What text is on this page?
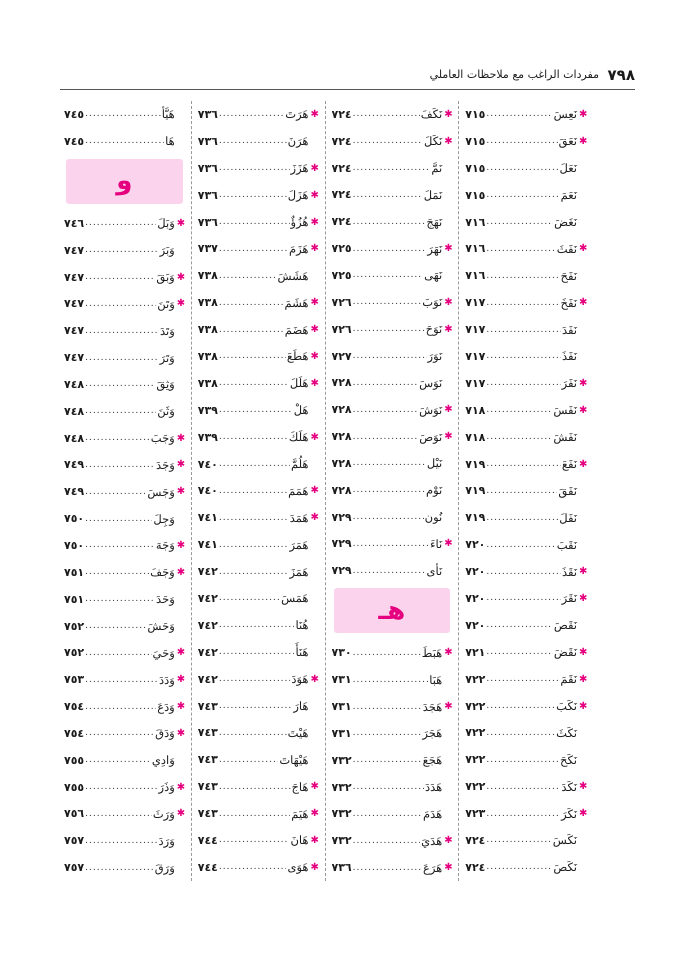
٧٩٨
مفردات الراغب مع ملاحظات العاملي
✱
نَعِسَ
.....
٧١٥
✱
نَعَقَ
.....
٧١٥
نَعَلَ
.....
٧١٥
نَعَمَ
.....
٧١٥
نَغَضَ
.....
٧١٦
✱
نَفَثَ
.....
٧١٦
نَفَحَ
.....
٧١٦
✱
نَفَخَ
.....
٧١٧
نَفَدَ
.....
٧١٧
نَفَذَ
.....
٧١٧
✱
نَفَرَ
.....
٧١٧
✱
نَفَسَ
.....
٧١٨
نَفَشَ
.....
٧١٨
✱
نَفَعَ
.....
٧١٩
نَفَقَ
.....
٧١٩
نَفَلَ
.....
٧١٩
نَقَبَ
.....
٧٢٠
✱
نَقَذَ
.....
٧٢٠
✱
نَقَرَ
.....
٧٢٠
نَقَصَ
.....
٧٢٠
✱
نَقَضَ
.....
٧٢١
✱
نَقَمَ
.....
٧٢٢
✱
نَكَبَ
.....
٧٢٢
نَكَثَ
.....
٧٢٢
نَكَحَ
.....
٧٢٢
✱
نَكَدَ
.....
٧٢٢
✱
نَكَرَ
.....
٧٢٣
نَكَسَ
.....
٧٢٤
نَكَصَ
.....
٧٢٤
✱
نَكَفَ
.....
٧٢٤
✱
نَكَلَ
.....
٧٢٤
نَمَّ
.....
٧٢٤
نَمَلَ
.....
٧٢٤
نَهَجَ
.....
٧٢٤
✱
نَهَرَ
.....
٧٢٥
نَهَى
.....
٧٢٥
✱
نَوَبَ
.....
٧٢٦
✱
نَوَحَ
.....
٧٢٦
نَوَرَ
.....
٧٢٧
نَوَسَ
.....
٧٢٨
✱
نَوَشَ
.....
٧٢٨
✱
نَوَصَ
.....
٧٢٨
نَيْل
.....
٧٢٨
نَوْم
.....
٧٢٨
نُون
.....
٧٢٩
✱
نَاءَ
.....
٧٢٩
نَأى
.....
٧٢٩
هـ
✱
هَبَطَ
.....
٧٣٠
هَبَا
.....
٧٣١
✱
هَجَدَ
.....
٧٣١
هَجَرَ
.....
٧٣١
هَجَعَ
.....
٧٣٢
هَدَدَ
.....
٧٣٢
هَدَمَ
.....
٧٣٢
✱
هَدَيَ
.....
٧٣٢
✱
هَرَعَ
.....
٧٣٦
✱
هَرَتَ
.....
٧٣٦
هَرَنَ
.....
٧٣٦
✱
هَزَزَ
.....
٧٣٦
✱
هَزَلَ
.....
٧٣٦
✱
هُزُؤٌ
.....
٧٣٦
✱
هَزَمَ
.....
٧٣٧
هَشَشَ
.....
٧٣٨
✱
هَشَمَ
.....
٧٣٨
✱
هَضَمَ
.....
٧٣٨
✱
هَطَعَ
.....
٧٣٨
✱
هَلَلَ
.....
٧٣٨
هَلْ
.....
٧٣٩
✱
هَلَكَ
.....
٧٣٩
هَلُمَّ
.....
٧٤٠
✱
هَمَمَ
.....
٧٤٠
✱
هَمَدَ
.....
٧٤١
هَمَرَ
.....
٧٤١
هَمَزَ
.....
٧٤٢
هَمَسَ
.....
٧٤٢
هُنَا
.....
٧٤٢
هَنَأَ
.....
٧٤٢
✱
هَوَدَ
.....
٧٤٢
هَارَ
.....
٧٤٣
هَيْتَ
.....
٧٤٣
هَيْهَاتَ
.....
٧٤٣
✱
هَاجَ
.....
٧٤٣
✱
هَيَمَ
.....
٧٤٣
✱
هَانَ
.....
٧٤٤
✱
هَوَى
.....
٧٤٤
هَيَّأ
.....
٧٤٥
هَا
.....
٧٤٥
و
✱
وَبَلَ
.....
٧٤٦
وَبَرَ
.....
٧٤٧
✱
وَبَقَ
.....
٧٤٧
✱
وَتَنَ
.....
٧٤٧
وَتَدَ
.....
٧٤٧
وَتَرَ
.....
٧٤٧
وَثِقَ
.....
٧٤٨
وَثَنَ
.....
٧٤٨
✱
وَجَبَ
.....
٧٤٨
✱
وَجَدَ
.....
٧٤٩
✱
وَجَسَ
.....
٧٤٩
وَجِلَ
.....
٧٥٠
✱
وَجَهَ
.....
٧٥٠
✱
وَجَفَ
.....
٧٥١
وَحَدَ
.....
٧٥١
وَحَشَ
.....
٧٥٢
✱
وَحَيَ
.....
٧٥٢
✱
وَدَدَ
.....
٧٥٣
✱
وَدَعَ
.....
٧٥٤
✱
وَدَقَ
.....
٧٥٤
وَادِي
.....
٧٥٥
✱
وَذَرَ
.....
٧٥٥
✱
وَرَثَ
.....
٧٥٦
وَرَدَ
.....
٧٥٧
وَرَقَ
.....
٧٥٧
